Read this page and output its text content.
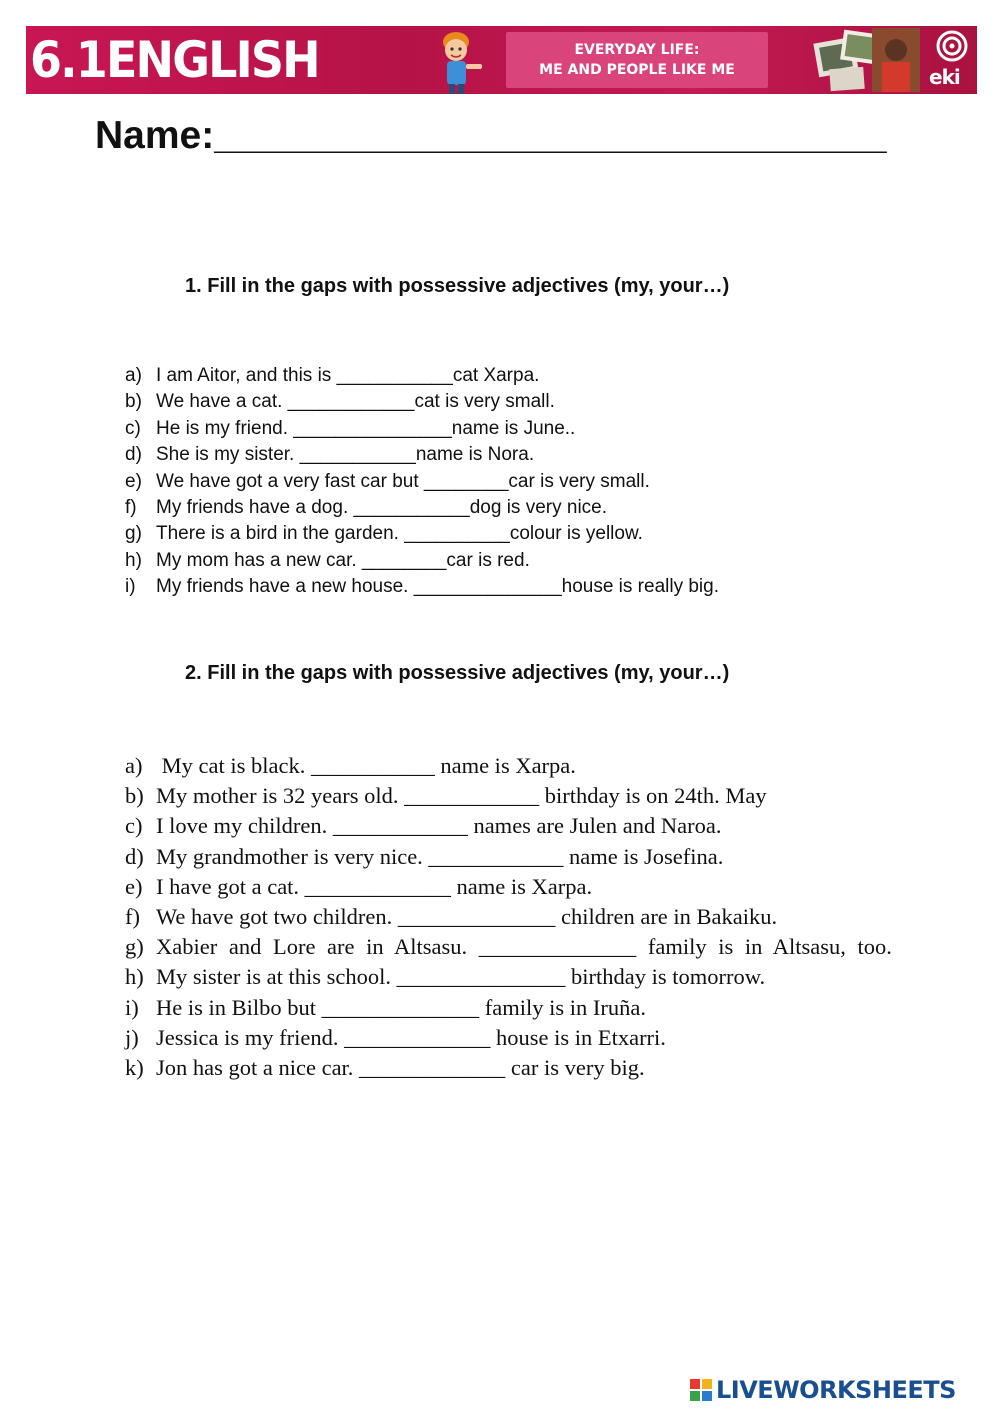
6.1ENGLISH	EVERYDAY LIFE:
ME AND PEOPLE LIKE ME	eki LH
Name:_______________________________
1. Fill in the gaps with possessive adjectives (my, your…)
a) I am Aitor, and this is ___________cat Xarpa.
b) We have a cat. ____________cat is very small.
c) He is my friend. _______________name is June..
d) She is my sister. ___________name is Nora.
e) We have got a very fast car but ________car is very small.
f)	My friends have a dog. ___________dog is very nice.
g) There is a bird in the garden. __________colour is yellow.
h) My mom has a new car. ________car is red.
i)	My friends have a new house. ______________house is really big.
2. Fill in the gaps with possessive adjectives (my, your…)
a) My cat is black. ___________ name is Xarpa.
b) My mother is 32 years old. ____________ birthday is on 24th. May
c) I love my children. ____________ names are Julen and Naroa.
d) My grandmother is very nice. ____________ name is Josefina.
e) I have got a cat. _____________ name is Xarpa.
f) We have got two children. ______________ children are in Bakaiku.
g) Xabier and Lore are in Altsasu. ______________ family is in Altsasu, too.
h) My sister is at this school. _______________ birthday is tomorrow.
i) He is in Bilbo but ______________ family is in Iruña.
j) Jessica is my friend. _____________ house is in Etxarri.
k) Jon has got a nice car. _____________ car is very big.
LIVEWORKSHEETS
